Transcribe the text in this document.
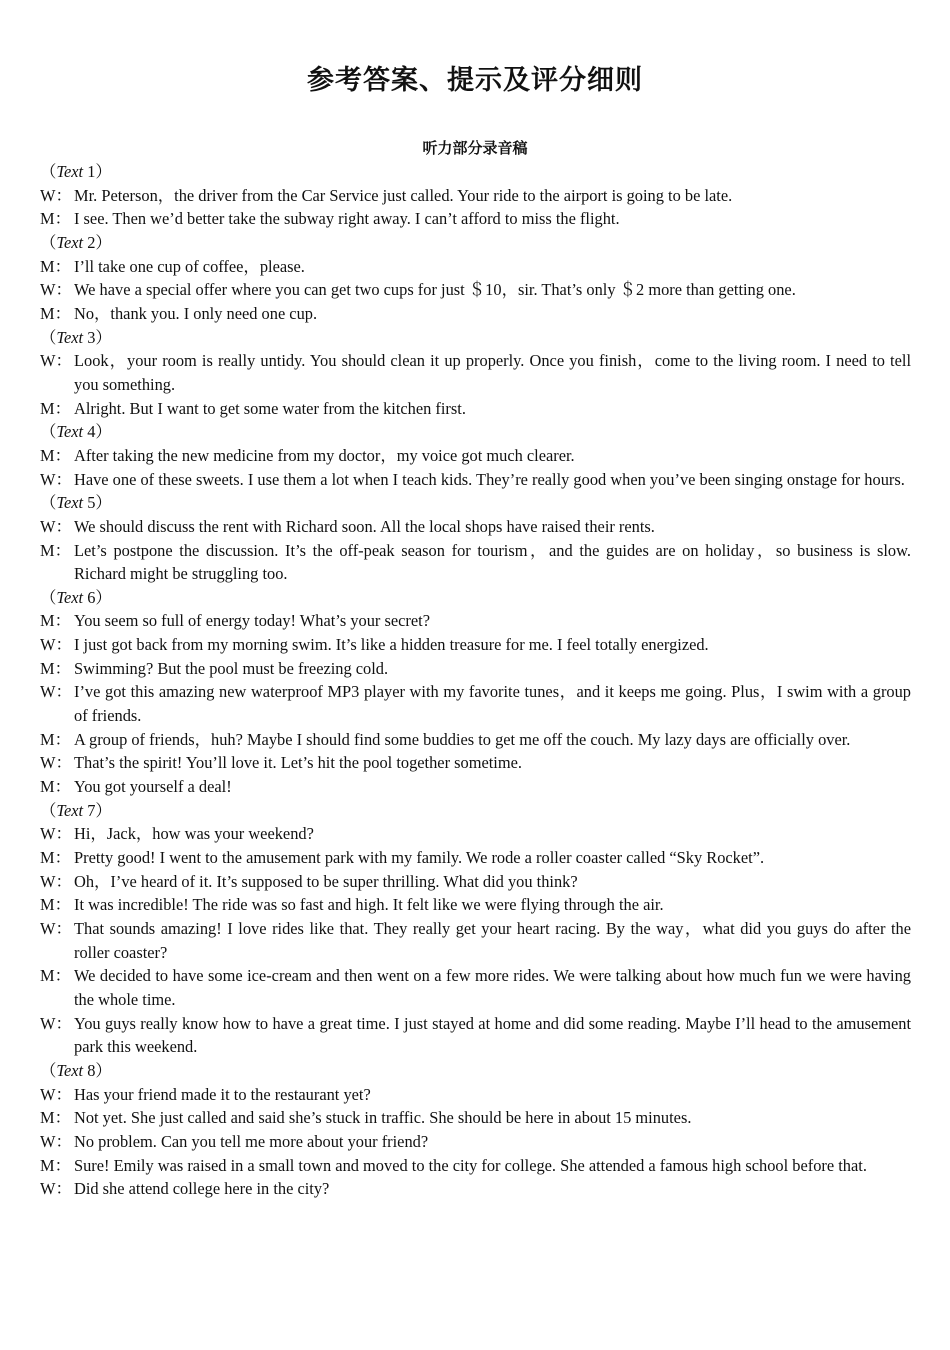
参考答案、提示及评分细则
听力部分录音稿
（Text 1）
W： Mr. Peterson，the driver from the Car Service just called. Your ride to the airport is going to be late.
M： I see. Then we’d better take the subway right away. I can’t afford to miss the flight.
（Text 2）
M： I’ll take one cup of coffee，please.
W： We have a special offer where you can get two cups for just ＄10，sir. That’s only ＄2 more than getting one.
M： No，thank you. I only need one cup.
（Text 3）
W： Look，your room is really untidy. You should clean it up properly. Once you finish，come to the living room. I need to tell you something.
M： Alright. But I want to get some water from the kitchen first.
（Text 4）
M： After taking the new medicine from my doctor，my voice got much clearer.
W： Have one of these sweets. I use them a lot when I teach kids. They’re really good when you’ve been singing onstage for hours.
（Text 5）
W： We should discuss the rent with Richard soon. All the local shops have raised their rents.
M： Let’s postpone the discussion. It’s the off-peak season for tourism，and the guides are on holiday，so business is slow. Richard might be struggling too.
（Text 6）
M： You seem so full of energy today! What’s your secret?
W： I just got back from my morning swim. It’s like a hidden treasure for me. I feel totally energized.
M： Swimming? But the pool must be freezing cold.
W： I’ve got this amazing new waterproof MP3 player with my favorite tunes，and it keeps me going. Plus，I swim with a group of friends.
M： A group of friends，huh? Maybe I should find some buddies to get me off the couch. My lazy days are officially over.
W： That’s the spirit! You’ll love it. Let’s hit the pool together sometime.
M： You got yourself a deal!
（Text 7）
W： Hi，Jack，how was your weekend?
M： Pretty good! I went to the amusement park with my family. We rode a roller coaster called “Sky Rocket”.
W： Oh，I’ve heard of it. It’s supposed to be super thrilling. What did you think?
M： It was incredible! The ride was so fast and high. It felt like we were flying through the air.
W： That sounds amazing! I love rides like that. They really get your heart racing. By the way，what did you guys do after the roller coaster?
M： We decided to have some ice-cream and then went on a few more rides. We were talking about how much fun we were having the whole time.
W： You guys really know how to have a great time. I just stayed at home and did some reading. Maybe I’ll head to the amusement park this weekend.
（Text 8）
W： Has your friend made it to the restaurant yet?
M： Not yet. She just called and said she’s stuck in traffic. She should be here in about 15 minutes.
W： No problem. Can you tell me more about your friend?
M： Sure! Emily was raised in a small town and moved to the city for college. She attended a famous high school before that.
W： Did she attend college here in the city?
